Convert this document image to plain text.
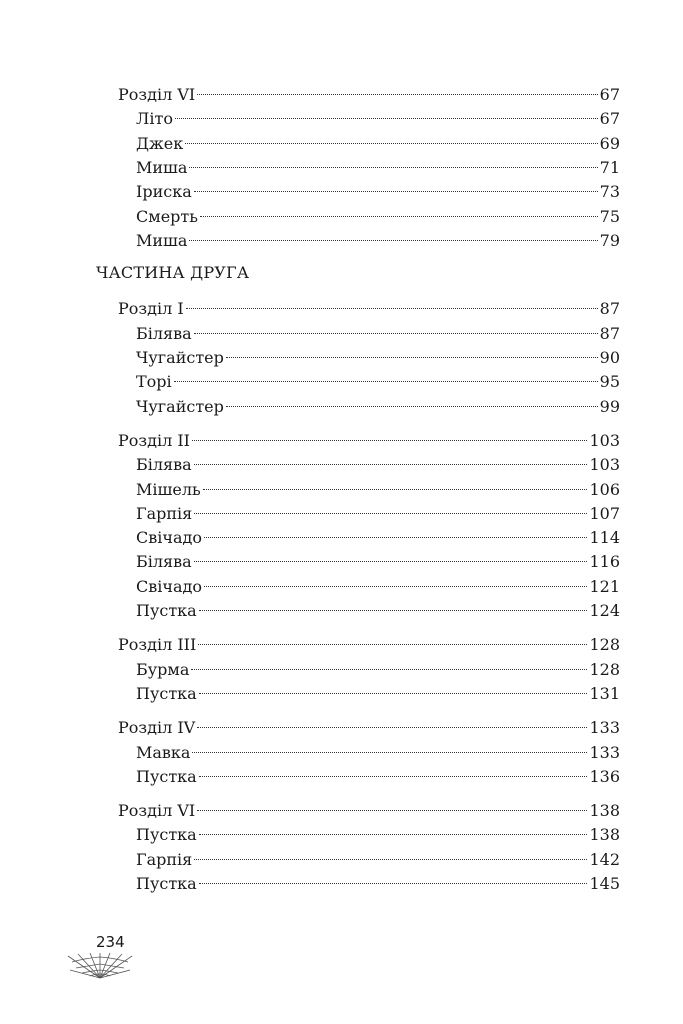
Розділ VI	67
Літо	67
Джек	69
Миша	71
Іриска	73
Смерть	75
Миша	79
ЧАСТИНА ДРУГА
Розділ I	87
Білява	87
Чугайстер	90
Торі	95
Чугайстер	99
Розділ II	103
Білява	103
Мішель	106
Гарпія	107
Свічадо	114
Білява	116
Свічадо	121
Пустка	124
Розділ III	128
Бурма	128
Пустка	131
Розділ IV	133
Мавка	133
Пустка	136
Розділ VI	138
Пустка	138
Гарпія	142
Пустка	145
234
